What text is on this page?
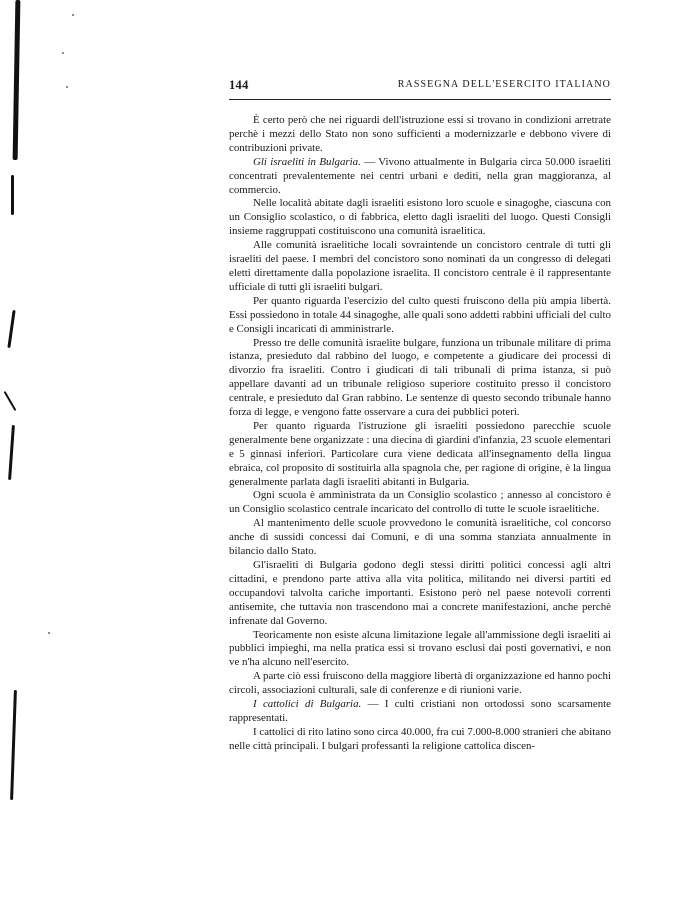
144	RASSEGNA DELL'ESERCITO ITALIANO

È certo però che nei riguardi dell'istruzione essi si trovano in condizioni arretrate perchè i mezzi dello Stato non sono sufficienti a modernizzarle e debbono vivere di contribuzioni private.

Gli israeliti in Bulgaria. — Vivono attualmente in Bulgaria circa 50.000 israeliti concentrati prevalentemente nei centri urbani e dediti, nella gran maggioranza, al commercio.

Nelle località abitate dagli israeliti esistono loro scuole e sinagoghe, ciascuna con un Consiglio scolastico, o di fabbrica, eletto dagli israeliti del luogo. Questi Consigli insieme raggruppati costituiscono una comunità israelitica.

Alle comunità israelitiche locali sovraintende un concistoro centrale di tutti gli israeliti del paese. I membri del concistoro sono nominati da un congresso di delegati eletti direttamente dalla popolazione israelita. Il concistoro centrale è il rappresentante ufficiale di tutti gli israeliti bulgari.

Per quanto riguarda l'esercizio del culto questi fruiscono della più ampia libertà. Essi possiedono in totale 44 sinagoghe, alle quali sono addetti rabbini ufficiali del culto e Consigli incaricati di amministrarle.

Presso tre delle comunità israelite bulgare, funziona un tribunale militare di prima istanza, presieduto dal rabbino del luogo, e competente a giudicare dei processi di divorzio fra israeliti. Contro i giudicati di tali tribunali di prima istanza, si può appellare davanti ad un tribunale religioso superiore costituito presso il concistoro centrale, e presieduto dal Gran rabbino. Le sentenze di questo secondo tribunale hanno forza di legge, e vengono fatte osservare a cura dei pubblici poteri.

Per quanto riguarda l'istruzione gli israeliti possiedono parecchie scuole generalmente bene organizzate : una diecina di giardini d'infanzia, 23 scuole elementari e 5 ginnasi inferiori. Particolare cura viene dedicata all'insegnamento della lingua ebraica, col proposito di sostituirla alla spagnola che, per ragione di origine, è la lingua generalmente parlata dagli israeliti abitanti in Bulgaria.

Ogni scuola è amministrata da un Consiglio scolastico ; annesso al concistoro è un Consiglio scolastico centrale incaricato del controllo di tutte le scuole israelitiche.

Al mantenimento delle scuole provvedono le comunità israelitiche, col concorso anche di sussidi concessi dai Comuni, e di una somma stanziata annualmente in bilancio dallo Stato.

Gl'israeliti di Bulgaria godono degli stessi diritti politici concessi agli altri cittadini, e prendono parte attiva alla vita politica, militando nei diversi partiti ed occupandovi talvolta cariche importanti. Esistono però nel paese notevoli correnti antisemite, che tuttavia non trascendono mai a concrete manifestazioni, anche perchè infrenate dal Governo.

Teoricamente non esiste alcuna limitazione legale all'ammissione degli israeliti ai pubblici impieghi, ma nella pratica essi si trovano esclusi dai posti governativi, e non ve n'ha alcuno nell'esercito.

A parte ciò essi fruiscono della maggiore libertà di organizzazione ed hanno pochi circoli, associazioni culturali, sale di conferenze e di riunioni varie.

I cattolici di Bulgaria. — I culti cristiani non ortodossi sono scarsamente rappresentati.

I cattolici di rito latino sono circa 40.000, fra cui 7.000-8.000 stranieri che abitano nelle città principali. I bulgari professanti la religione cattolica discen-
